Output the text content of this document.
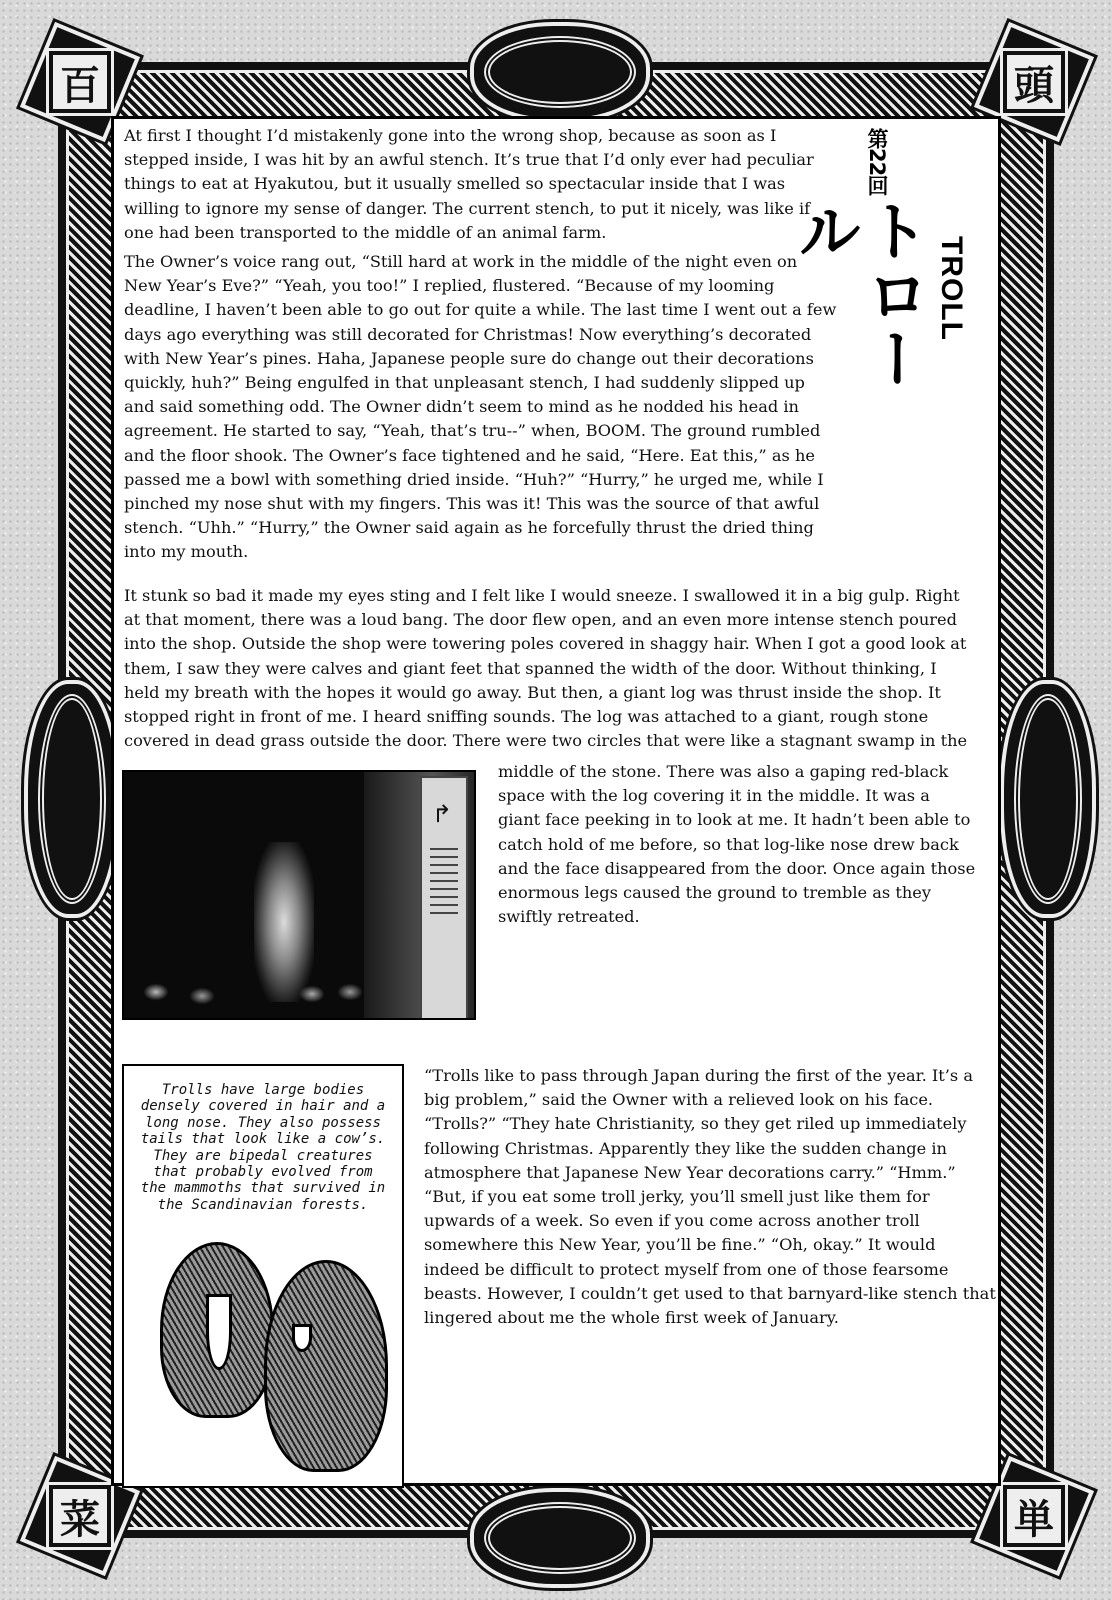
百	頭
菜	単
第22回
トロール
TROLL

At first I thought I’d mistakenly gone into the wrong shop, because as soon as I stepped inside, I was hit by an awful stench. It’s true that I’d only ever had peculiar things to eat at Hyakutou, but it usually smelled so spectacular inside that I was willing to ignore my sense of danger. The current stench, to put it nicely, was like if one had been transported to the middle of an animal farm.

The Owner’s voice rang out, “Still hard at work in the middle of the night even on New Year’s Eve?” “Yeah, you too!” I replied, flustered. “Because of my looming deadline, I haven’t been able to go out for quite a while. The last time I went out a few days ago everything was still decorated for Christmas! Now everything’s decorated with New Year’s pines. Haha, Japanese people sure do change out their decorations quickly, huh?” Being engulfed in that unpleasant stench, I had suddenly slipped up and said something odd. The Owner didn’t seem to mind as he nodded his head in agreement. He started to say, “Yeah, that’s tru--” when, BOOM. The ground rumbled and the floor shook. The Owner’s face tightened and he said, “Here. Eat this,” as he passed me a bowl with something dried inside. “Huh?” “Hurry,” he urged me, while I pinched my nose shut with my fingers. This was it! This was the source of that awful stench. “Uhh.” “Hurry,” the Owner said again as he forcefully thrust the dried thing into my mouth.

It stunk so bad it made my eyes sting and I felt like I would sneeze. I swallowed it in a big gulp. Right at that moment, there was a loud bang. The door flew open, and an even more intense stench poured into the shop. Outside the shop were towering poles covered in shaggy hair. When I got a good look at them, I saw they were calves and giant feet that spanned the width of the door. Without thinking, I held my breath with the hopes it would go away. But then, a giant log was thrust inside the shop. It stopped right in front of me. I heard sniffing sounds. The log was attached to a giant, rough stone covered in dead grass outside the door. There were two circles that were like a stagnant swamp in the

middle of the stone. There was also a gaping red-black space with the log covering it in the middle. It was a giant face peeking in to look at me. It hadn’t been able to catch hold of me before, so that log-like nose drew back and the face disappeared from the door. Once again those enormous legs caused the ground to tremble as they swiftly retreated.

“Trolls like to pass through Japan during the first of the year. It’s a big problem,” said the Owner with a relieved look on his face. “Trolls?” “They hate Christianity, so they get riled up immediately following Christmas. Apparently they like the sudden change in atmosphere that Japanese New Year decorations carry.” “Hmm.” “But, if you eat some troll jerky, you’ll smell just like them for upwards of a week. So even if you come across another troll somewhere this New Year, you’ll be fine.” “Oh, okay.” It would indeed be difficult to protect myself from one of those fearsome beasts. However, I couldn’t get used to that barnyard-like stench that lingered about me the whole first week of January.

↱

Trolls have large bodies densely covered in hair and a long nose. They also possess tails that look like a cow’s. They are bipedal creatures that probably evolved from the mammoths that survived in the Scandinavian forests.
